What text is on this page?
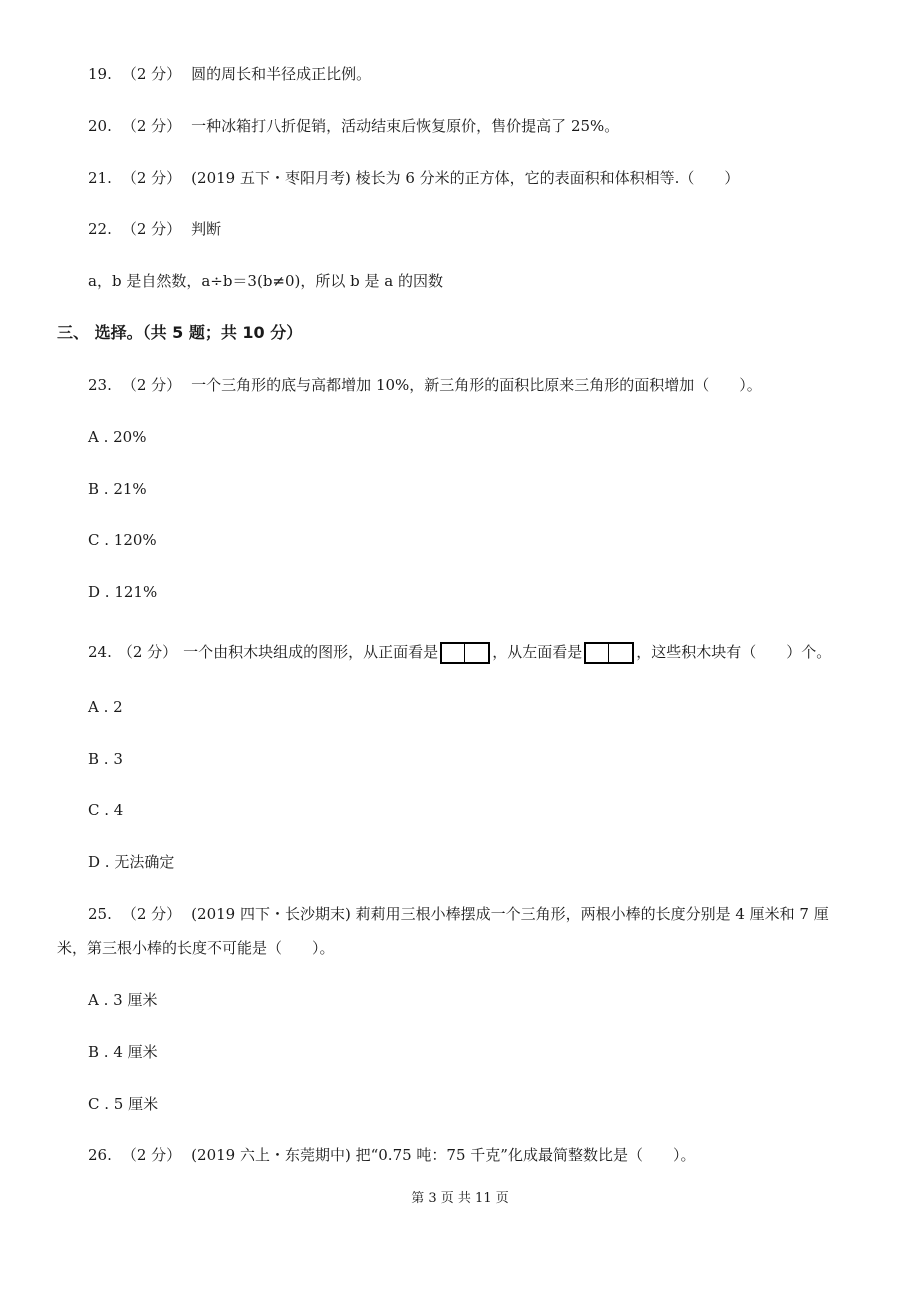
19. （2 分） 圆的周长和半径成正比例。
20. （2 分） 一种冰箱打八折促销，活动结束后恢复原价，售价提高了 25%。
21. （2 分） (2019 五下・枣阳月考) 棱长为 6 分米的正方体，它的表面积和体积相等.（　　）
22. （2 分） 判断
a，b 是自然数，a÷b＝3(b≠0)，所以 b 是 a 的因数
三、 选择。（共 5 题；共 10 分）
23. （2 分） 一个三角形的底与高都增加 10%，新三角形的面积比原来三角形的面积增加（　　）。
A . 20%
B . 21%
C . 120%
D . 121%
24. （2 分） 一个由积木块组成的图形，从正面看是	，从左面看是	，这些积木块有（　　）个。
A . 2
B . 3
C . 4
D . 无法确定
25. （2 分） (2019 四下・长沙期末) 莉莉用三根小棒摆成一个三角形，两根小棒的长度分别是 4 厘米和 7 厘
米，第三根小棒的长度不可能是（　　）。
A . 3 厘米
B . 4 厘米
C . 5 厘米
26. （2 分） (2019 六上・东莞期中) 把“0.75 吨：75 千克”化成最简整数比是（　　）。
第 3 页 共 11 页
